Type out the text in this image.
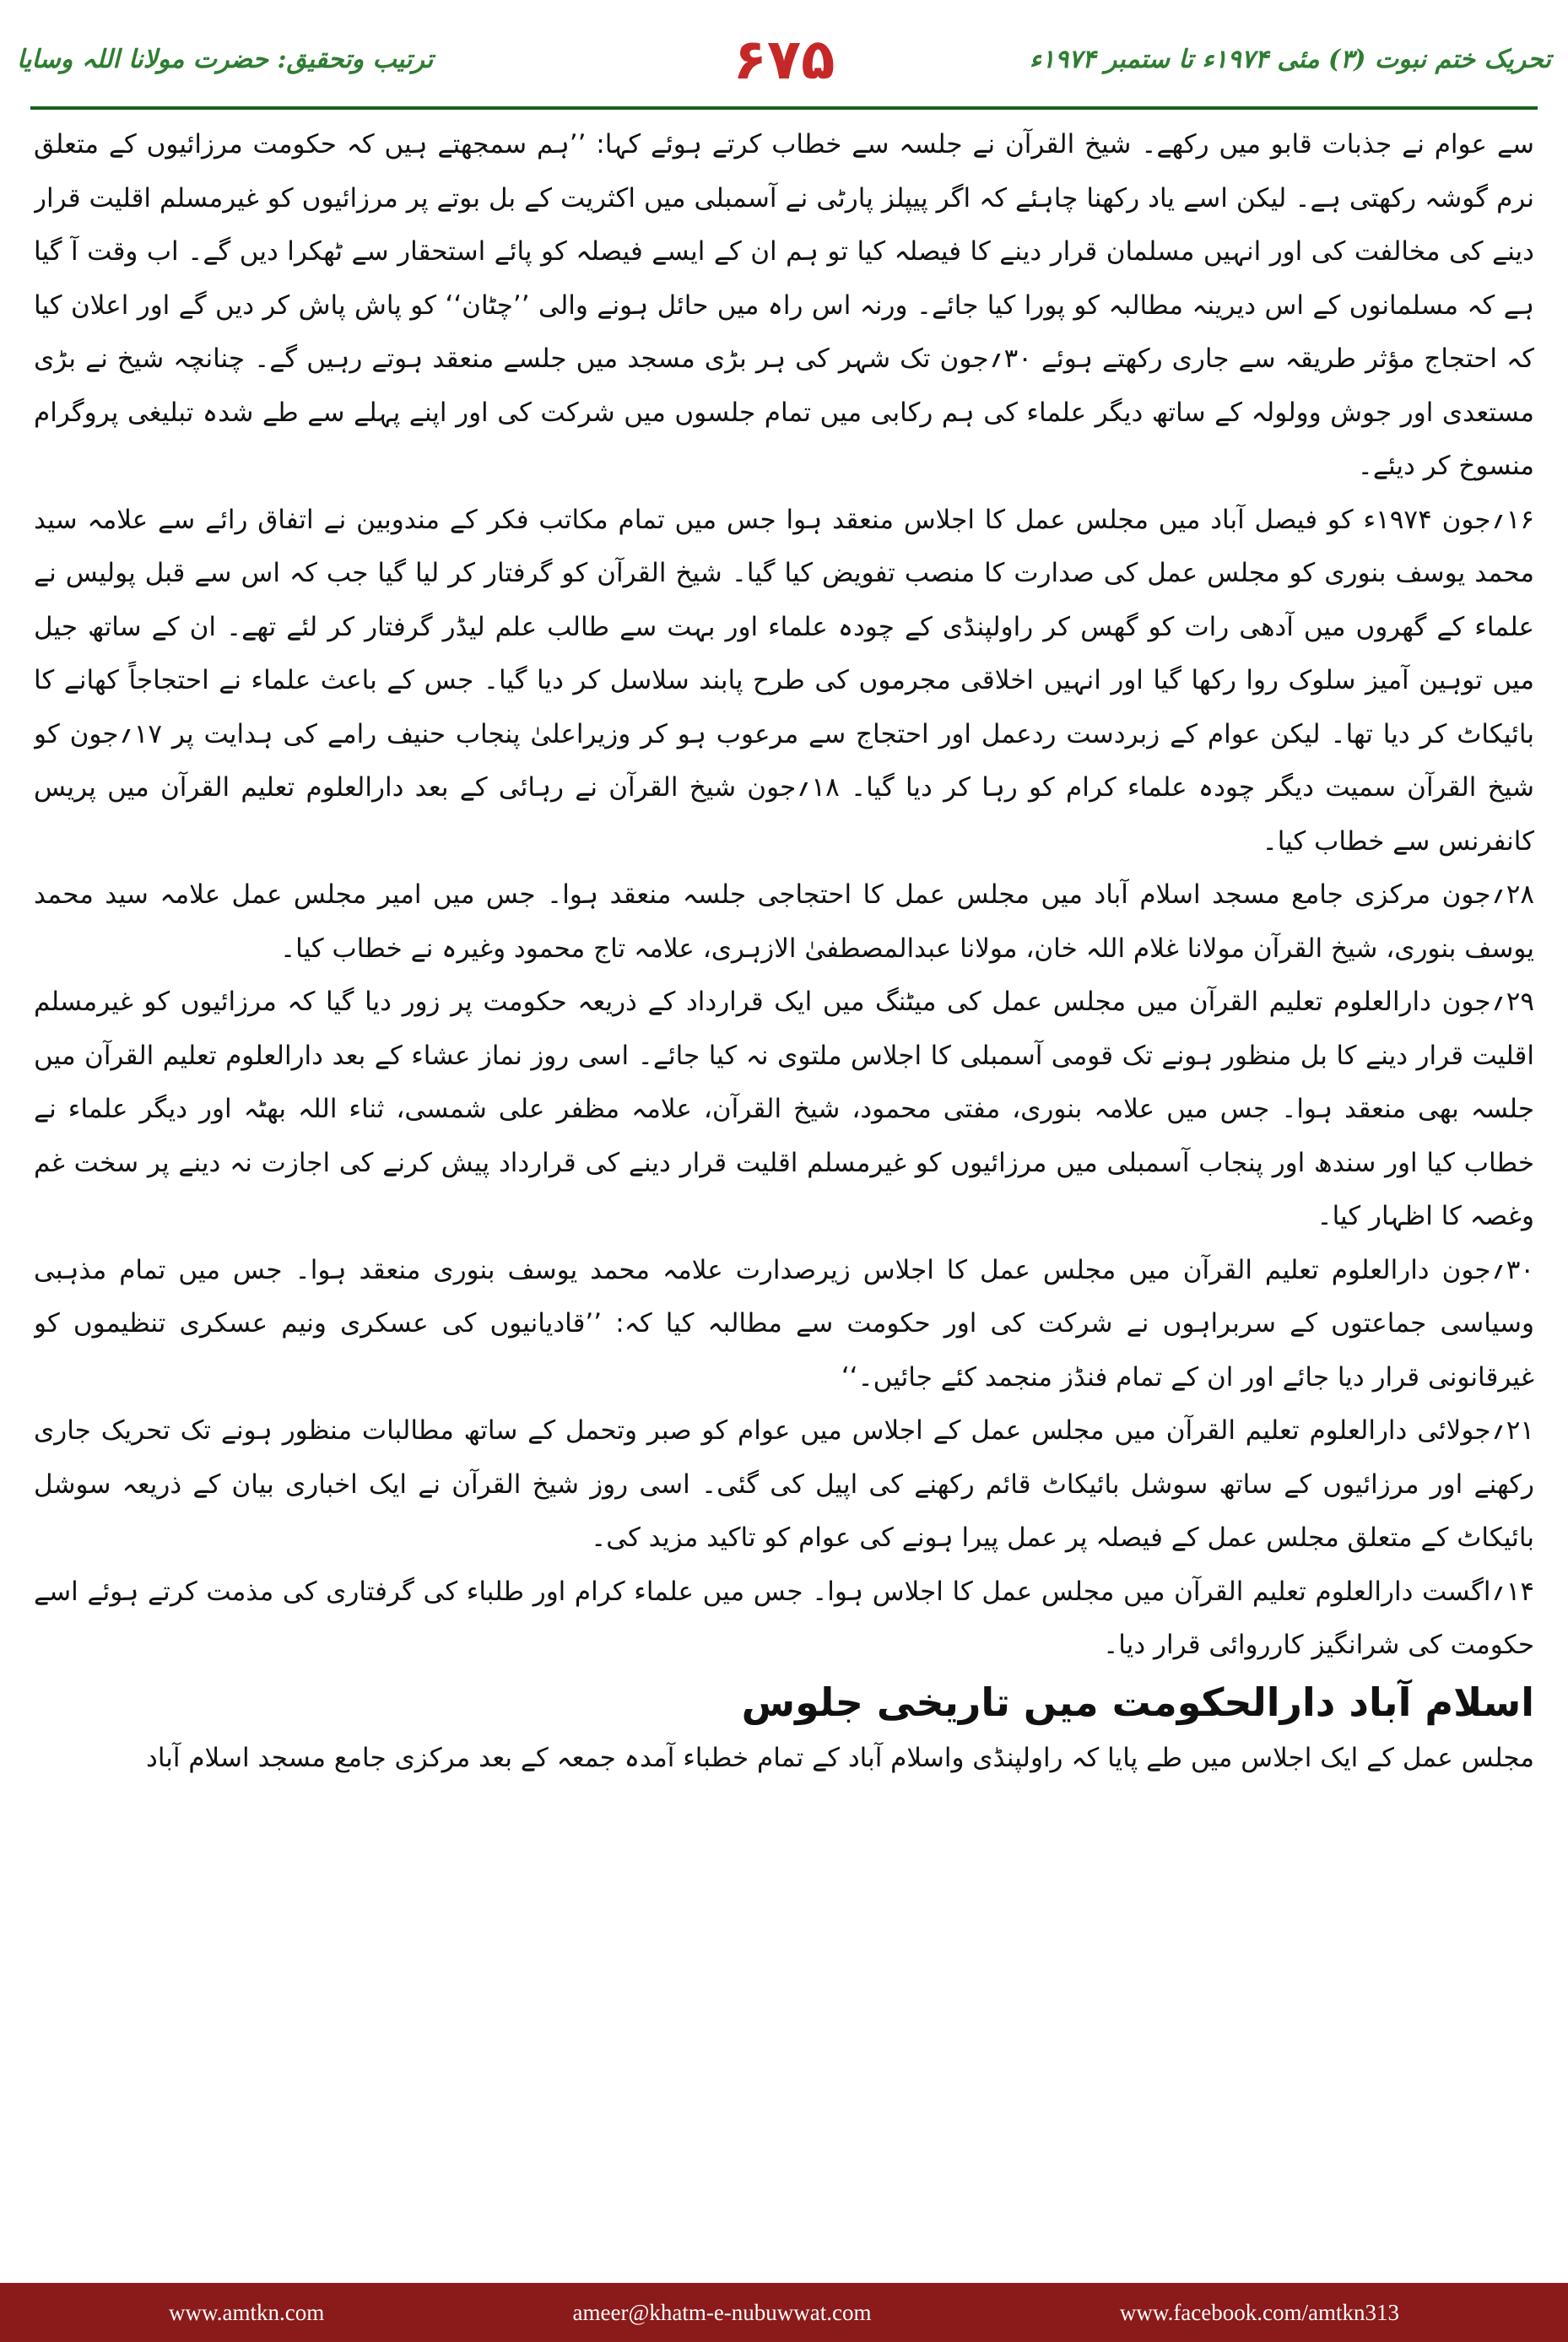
ترتیب وتحقیق: حضرت مولانا اللہ وسایا	۶۷۵	تحریک ختم نبوت (۳) مئی ۱۹۷۴ء تا ستمبر ۱۹۷۴ء

سے عوام نے جذبات قابو میں رکھے۔ شیخ القرآن نے جلسہ سے خطاب کرتے ہوئے کہا: ’’ہم سمجھتے ہیں کہ حکومت مرزائیوں کے متعلق نرم گوشہ رکھتی ہے۔ لیکن اسے یاد رکھنا چاہئے کہ اگر پیپلز پارٹی نے آسمبلی میں اکثریت کے بل بوتے پر مرزائیوں کو غیرمسلم اقلیت قرار دینے کی مخالفت کی اور انہیں مسلمان قرار دینے کا فیصلہ کیا تو ہم ان کے ایسے فیصلہ کو پائے استحقار سے ٹھکرا دیں گے۔ اب وقت آ گیا ہے کہ مسلمانوں کے اس دیرینہ مطالبہ کو پورا کیا جائے۔ ورنہ اس راہ میں حائل ہونے والی ’’چٹان‘‘ کو پاش پاش کر دیں گے اور اعلان کیا کہ احتجاج مؤثر طریقہ سے جاری رکھتے ہوئے ۳۰؍جون تک شہر کی ہر بڑی مسجد میں جلسے منعقد ہوتے رہیں گے۔ چنانچہ شیخ نے بڑی مستعدی اور جوش وولولہ کے ساتھ دیگر علماء کی ہم رکابی میں تمام جلسوں میں شرکت کی اور اپنے پہلے سے طے شدہ تبلیغی پروگرام منسوخ کر دیئے۔

۱۶؍جون ۱۹۷۴ء کو فیصل آباد میں مجلس عمل کا اجلاس منعقد ہوا جس میں تمام مکاتب فکر کے مندوبین نے اتفاق رائے سے علامہ سید محمد یوسف بنوری کو مجلس عمل کی صدارت کا منصب تفویض کیا گیا۔ شیخ القرآن کو گرفتار کر لیا گیا جب کہ اس سے قبل پولیس نے علماء کے گھروں میں آدھی رات کو گھس کر راولپنڈی کے چودہ علماء اور بہت سے طالب علم لیڈر گرفتار کر لئے تھے۔ ان کے ساتھ جیل میں توہین آمیز سلوک روا رکھا گیا اور انہیں اخلاقی مجرموں کی طرح پابند سلاسل کر دیا گیا۔ جس کے باعث علماء نے احتجاجاً کھانے کا بائیکاٹ کر دیا تھا۔ لیکن عوام کے زبردست ردعمل اور احتجاج سے مرعوب ہو کر وزیراعلیٰ پنجاب حنیف رامے کی ہدایت پر ۱۷؍جون کو شیخ القرآن سمیت دیگر چودہ علماء کرام کو رہا کر دیا گیا۔ ۱۸؍جون شیخ القرآن نے رہائی کے بعد دارالعلوم تعلیم القرآن میں پریس کانفرنس سے خطاب کیا۔

۲۸؍جون مرکزی جامع مسجد اسلام آباد میں مجلس عمل کا احتجاجی جلسہ منعقد ہوا۔ جس میں امیر مجلس عمل علامہ سید محمد یوسف بنوری، شیخ القرآن مولانا غلام اللہ خان، مولانا عبدالمصطفیٰ الازہری، علامہ تاج محمود وغیرہ نے خطاب کیا۔

۲۹؍جون دارالعلوم تعلیم القرآن میں مجلس عمل کی میٹنگ میں ایک قرارداد کے ذریعہ حکومت پر زور دیا گیا کہ مرزائیوں کو غیرمسلم اقلیت قرار دینے کا بل منظور ہونے تک قومی آسمبلی کا اجلاس ملتوی نہ کیا جائے۔ اسی روز نماز عشاء کے بعد دارالعلوم تعلیم القرآن میں جلسہ بھی منعقد ہوا۔ جس میں علامہ بنوری، مفتی محمود، شیخ القرآن، علامہ مظفر علی شمسی، ثناء اللہ بھٹہ اور دیگر علماء نے خطاب کیا اور سندھ اور پنجاب آسمبلی میں مرزائیوں کو غیرمسلم اقلیت قرار دینے کی قرارداد پیش کرنے کی اجازت نہ دینے پر سخت غم وغصہ کا اظہار کیا۔

۳۰؍جون دارالعلوم تعلیم القرآن میں مجلس عمل کا اجلاس زیرصدارت علامہ محمد یوسف بنوری منعقد ہوا۔ جس میں تمام مذہبی وسیاسی جماعتوں کے سربراہوں نے شرکت کی اور حکومت سے مطالبہ کیا کہ: ’’قادیانیوں کی عسکری ونیم عسکری تنظیموں کو غیرقانونی قرار دیا جائے اور ان کے تمام فنڈز منجمد کئے جائیں۔‘‘

۲۱؍جولائی دارالعلوم تعلیم القرآن میں مجلس عمل کے اجلاس میں عوام کو صبر وتحمل کے ساتھ مطالبات منظور ہونے تک تحریک جاری رکھنے اور مرزائیوں کے ساتھ سوشل بائیکاٹ قائم رکھنے کی اپیل کی گئی۔ اسی روز شیخ القرآن نے ایک اخباری بیان کے ذریعہ سوشل بائیکاٹ کے متعلق مجلس عمل کے فیصلہ پر عمل پیرا ہونے کی عوام کو تاکید مزید کی۔

۱۴؍اگست دارالعلوم تعلیم القرآن میں مجلس عمل کا اجلاس ہوا۔ جس میں علماء کرام اور طلباء کی گرفتاری کی مذمت کرتے ہوئے اسے حکومت کی شرانگیز کارروائی قرار دیا۔

اسلام آباد دارالحکومت میں تاریخی جلوس

مجلس عمل کے ایک اجلاس میں طے پایا کہ راولپنڈی واسلام آباد کے تمام خطباء آمدہ جمعہ کے بعد مرکزی جامع مسجد اسلام آباد

www.amtkn.com	ameer@khatm-e-nubuwwat.com	www.facebook.com/amtkn313
